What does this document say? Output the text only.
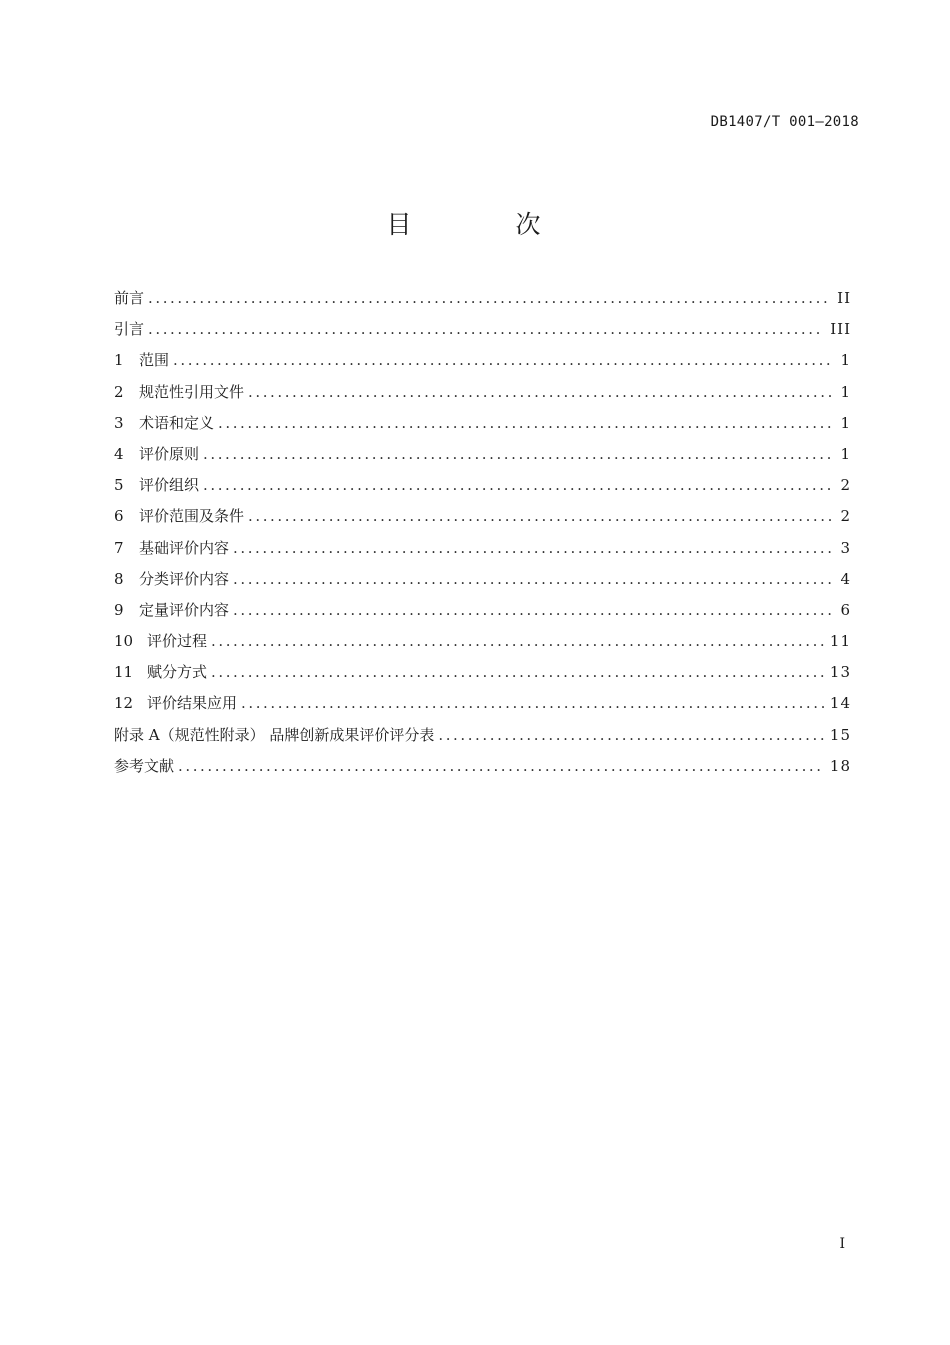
DB1407/T 001—2018
目 次
前言 . . .	II
引言 . . .	III
1	范围 . . .	1
2	规范性引用文件 . . .	1
3	术语和定义 . . .	1
4	评价原则 . . .	1
5	评价组织 . . .	2
6	评价范围及条件 . . .	2
7	基础评价内容 . . .	3
8	分类评价内容 . . .	4
9	定量评价内容 . . .	6
10 评价过程 . . .	11
11 赋分方式 . . .	13
12 评价结果应用 . . .	14
附录 A（规范性附录） 品牌创新成果评价评分表 . . .	15
参考文献 . . .	18
I
